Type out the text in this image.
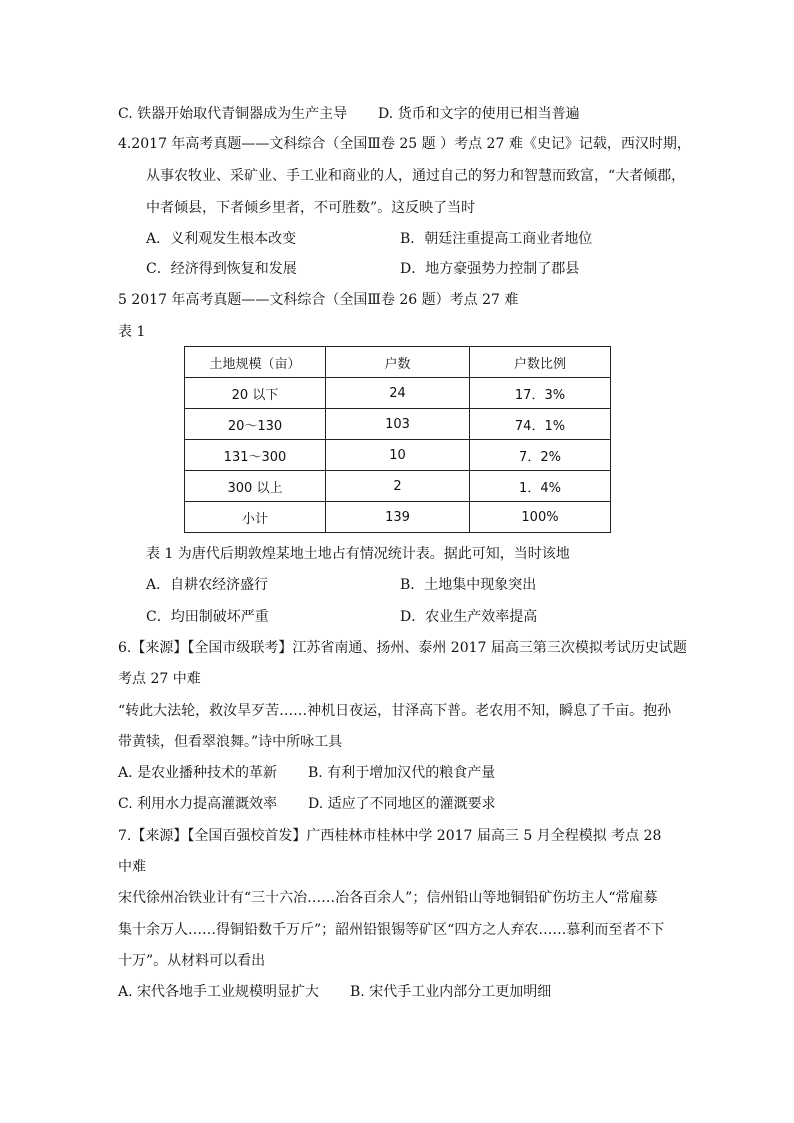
C. 铁器开始取代青铜器成为生产主导 D. 货币和文字的使用已相当普遍
4.2017 年高考真题——文科综合（全国Ⅲ卷 25 题 ）考点 27 难《史记》记载，西汉时期，
从事农牧业、采矿业、手工业和商业的人，通过自己的努力和智慧而致富，“大者倾郡，
中者倾县，下者倾乡里者，不可胜数”。这反映了当时
A．义利观发生根本改变	B．朝廷注重提高工商业者地位
C．经济得到恢复和发展	D．地方豪强势力控制了郡县
5 2017 年高考真题——文科综合（全国Ⅲ卷 26 题）考点 27 难
表 1
土地规模（亩）	户数	户数比例
20 以下	24	17．3%
20～130	103	74．1%
131～300	10	7．2%
300 以上	2	1．4%
小计	139	100%
表 1 为唐代后期敦煌某地土地占有情况统计表。据此可知，当时该地
A．自耕农经济盛行	B．土地集中现象突出
C．均田制破坏严重	D．农业生产效率提高
6.【来源】【全国市级联考】江苏省南通、扬州、泰州 2017 届高三第三次模拟考试历史试题
考点 27 中难
“转此大法轮，救汝旱歹苦……神机日夜运，甘泽高下普。老农用不知，瞬息了千亩。抱孙
带黄犊，但看翠浪舞。”诗中所咏工具
A. 是农业播种技术的革新 B. 有利于增加汉代的粮食产量
C. 利用水力提高灌溉效率 D. 适应了不同地区的灌溉要求
7.【来源】【全国百强校首发】广西桂林市桂林中学 2017 届高三 5 月全程模拟 考点 28
中难
宋代徐州冶铁业计有“三十六冶……冶各百余人”；信州铅山等地铜铅矿伤坊主人“常雇募
集十余万人……得铜铅数千万斤”；韶州铅银锡等矿区“四方之人弃农……慕利而至者不下
十万”。从材料可以看出
A. 宋代各地手工业规模明显扩大 B. 宋代手工业内部分工更加明细
